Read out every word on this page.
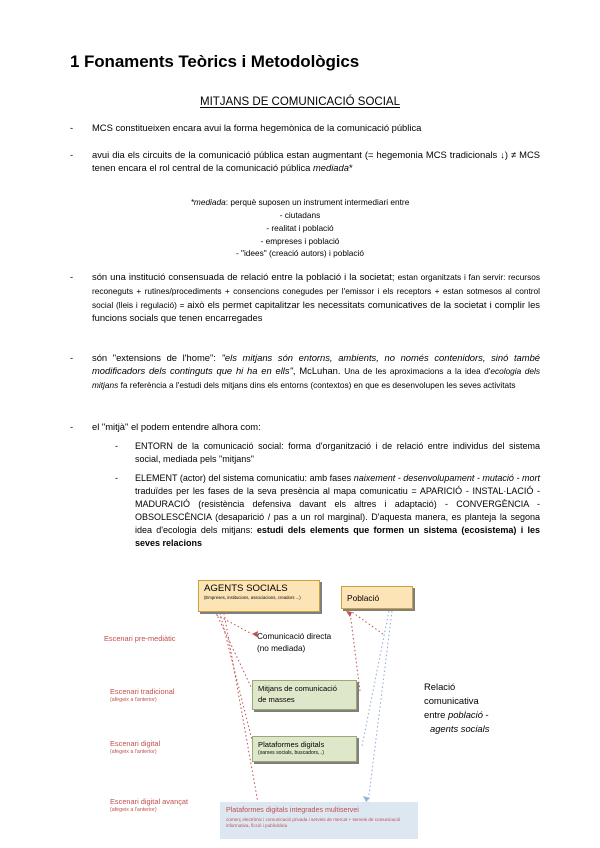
1 Fonaments Teòrics i Metodològics
MITJANS DE COMUNICACIÓ SOCIAL
-	MCS constitueixen encara avui la forma hegemònica de la comunicació pública
-	avui dia els circuits de la comunicació pública estan augmentant (= hegemonia MCS tradicionals ↓) ≠ MCS tenen encara el rol central de la comunicació pública mediada*
*mediada: perquè suposen un instrument intermediari entre
- ciutadans
- realitat i població
- empreses i població
- "idees" (creació autors) i població
-	són una institució consensuada de relació entre la població i la societat; estan organitzats i fan servir: recursos reconeguts + rutines/procediments + consencions conegudes per l'emissor i els receptors + estan sotmesos al control social (lleis i regulació) = això els permet capitalitzar les necessitats comunicatives de la societat i complir les funcions socials que tenen encarregades
-	són "extensions de l'home": "els mitjans són entorns, ambients, no només contenidors, sinó també modificadors dels continguts que hi ha en ells", McLuhan. Una de les aproximacions a la idea d'ecologia dels mitjans fa referència a l'estudi dels mitjans dins els entorns (contextos) en que es desenvolupen les seves activitats
-	el "mitjà" el podem entendre alhora com:
-	ENTORN de la comunicació social: forma d'organització i de relació entre individus del sistema social, mediada pels "mitjans"
-	ELEMENT (actor) del sistema comunicatiu: amb fases naixement - desenvolupament - mutació - mort traduïdes per les fases de la seva presència al mapa comunicatiu = APARICIÓ - INSTAL·LACIÓ - MADURACIÓ (resistència defensiva davant els altres i adaptació) - CONVERGÈNCIA - OBSOLESCÈNCIA (desaparició / pas a un rol marginal). D'aquesta manera, es planteja la segona idea d'ecologia dels mitjans: estudi dels elements que formen un sistema (ecosistema) i les seves relacions
AGENTS SOCIALS
(Empreses, institucions, associacions, creadors ...)	Població
Comunicació directa
(no mediada)
Mitjans de comunicació
de masses
Plataformes digitals
(xarxes socials, buscadors,..)
Plataformes digitals integrades multiservei
comerç electrònic i comunicació privada i serveis de mercat + serveis de comunicació informativa, ficció i publicitària
Escenari pre-mediàtic
Escenari tradicional
(afegeix a l'anterior)
Escenari digital
(afegeix a l'anterior)
Escenari digital avançat
(afegeix a l'anterior)
Relació
comunicativa
entre població -
agents socials
